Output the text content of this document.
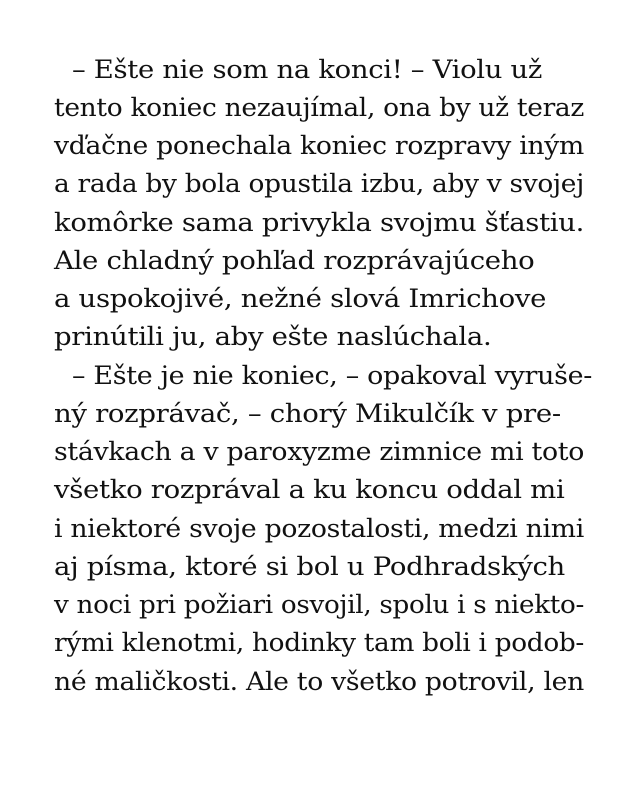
– Ešte nie som na konci! – Violu už
tento koniec nezaujímal, ona by už teraz
vďačne ponechala koniec rozpravy iným
a rada by bola opustila izbu, aby v svojej
komôrke sama privykla svojmu šťastiu.
Ale chladný pohľad rozprávajúceho
a uspokojivé, nežné slová Imrichove
prinútili ju, aby ešte naslúchala.
– Ešte je nie koniec, – opakoval vyruše-
ný rozprávač, – chorý Mikulčík v pre-
stávkach a v paroxyzme zimnice mi toto
všetko rozprával a ku koncu oddal mi
i niektoré svoje pozostalosti, medzi nimi
aj písma, ktoré si bol u Podhradských
v noci pri požiari osvojil, spolu i s niekto-
rými klenotmi, hodinky tam boli i podob-
né maličkosti. Ale to všetko potrovil, len
